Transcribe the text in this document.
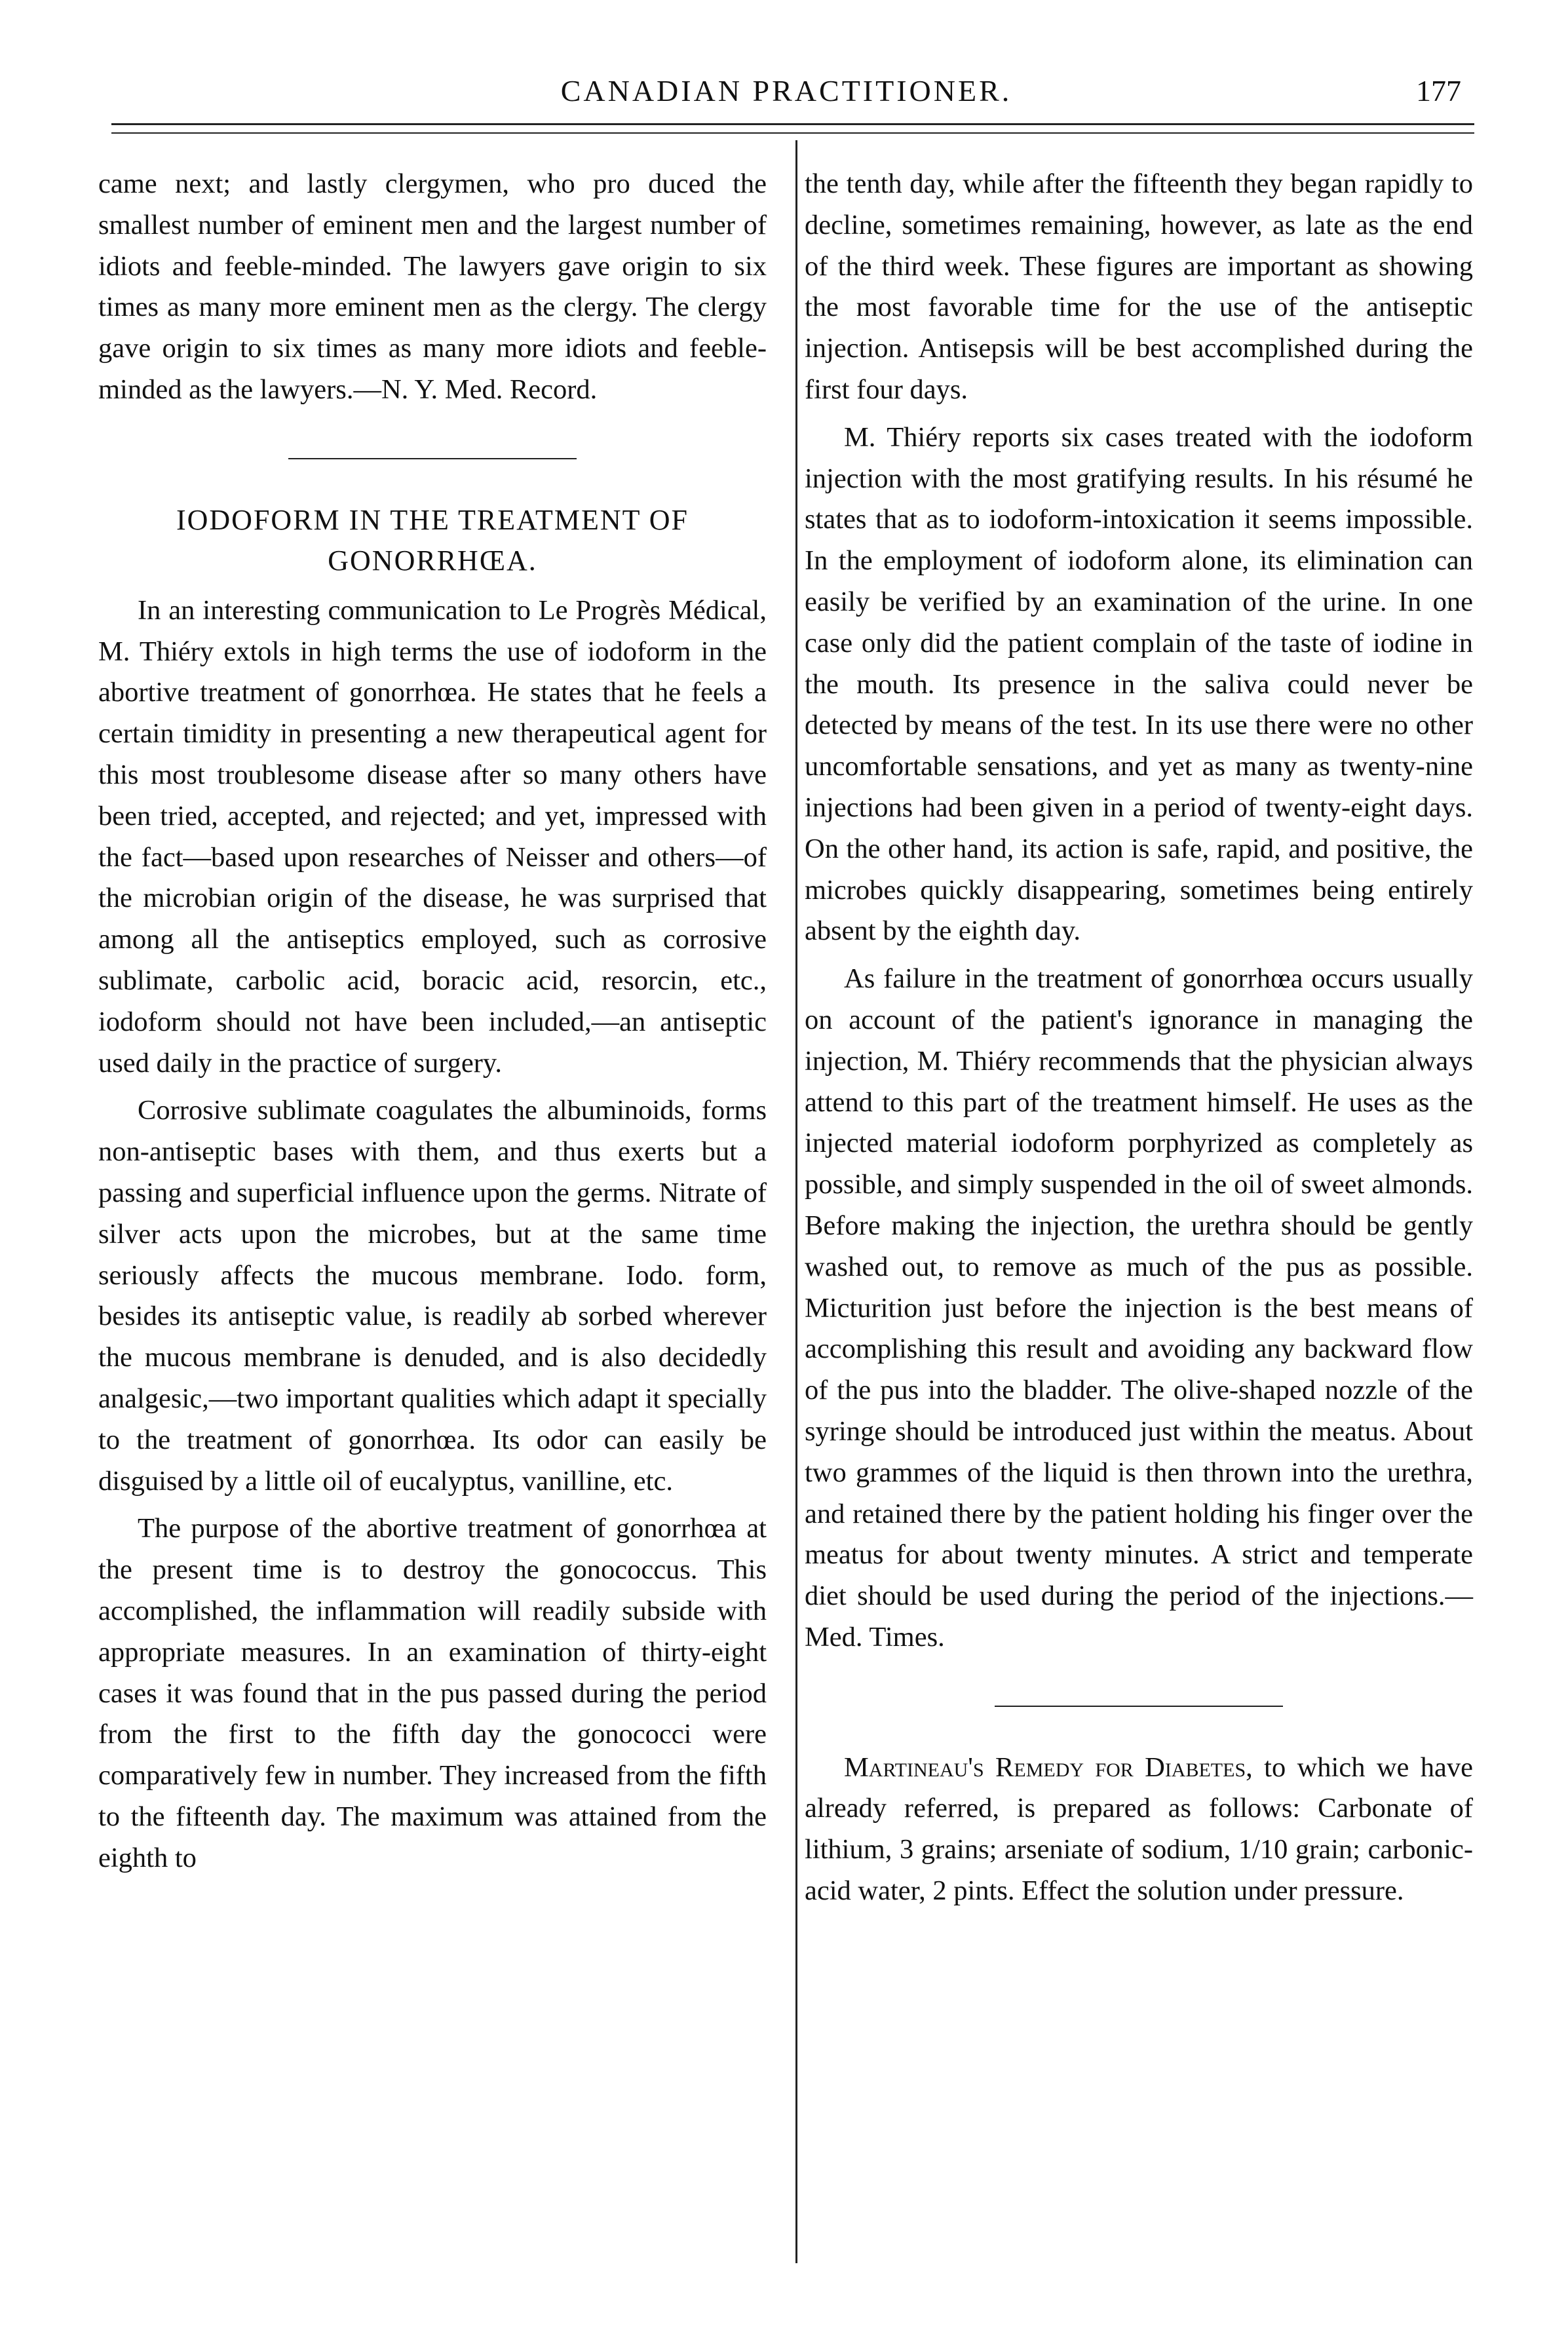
CANADIAN PRACTITIONER.	177

came next; and lastly clergymen, who pro duced the smallest number of eminent men and the largest number of idiots and feeble-minded. The lawyers gave origin to six times as many more eminent men as the clergy. The clergy gave origin to six times as many more idiots and feeble-minded as the lawyers.—N. Y. Med. Record.

IODOFORM IN THE TREATMENT OF
GONORRHŒA.

In an interesting communication to Le Progrès Médical, M. Thiéry extols in high terms the use of iodoform in the abortive treatment of gonorrhœa. He states that he feels a certain timidity in presenting a new therapeutical agent for this most troublesome disease after so many others have been tried, accepted, and rejected; and yet, impressed with the fact—based upon researches of Neisser and others—of the microbian origin of the disease, he was surprised that among all the antiseptics employed, such as corrosive sublimate, carbolic acid, boracic acid, resorcin, etc., iodoform should not have been included,—an antiseptic used daily in the practice of surgery.

Corrosive sublimate coagulates the albuminoids, forms non-antiseptic bases with them, and thus exerts but a passing and superficial influence upon the germs. Nitrate of silver acts upon the microbes, but at the same time seriously affects the mucous membrane. Iodo. form, besides its antiseptic value, is readily ab sorbed wherever the mucous membrane is denuded, and is also decidedly analgesic,—two important qualities which adapt it specially to the treatment of gonorrhœa. Its odor can easily be disguised by a little oil of eucalyptus, vanilline, etc.

The purpose of the abortive treatment of gonorrhœa at the present time is to destroy the gonococcus. This accomplished, the inflammation will readily subside with appropriate measures. In an examination of thirty-eight cases it was found that in the pus passed during the period from the first to the fifth day the gonococci were comparatively few in number. They increased from the fifth to the fifteenth day. The maximum was attained from the eighth to

the tenth day, while after the fifteenth they began rapidly to decline, sometimes remaining, however, as late as the end of the third week. These figures are important as showing the most favorable time for the use of the antiseptic injection. Antisepsis will be best accomplished during the first four days.

M. Thiéry reports six cases treated with the iodoform injection with the most gratifying results. In his résumé he states that as to iodoform-intoxication it seems impossible. In the employment of iodoform alone, its elimination can easily be verified by an examination of the urine. In one case only did the patient complain of the taste of iodine in the mouth. Its presence in the saliva could never be detected by means of the test. In its use there were no other uncomfortable sensations, and yet as many as twenty-nine injections had been given in a period of twenty-eight days. On the other hand, its action is safe, rapid, and positive, the microbes quickly disappearing, sometimes being entirely absent by the eighth day.

As failure in the treatment of gonorrhœa occurs usually on account of the patient's ignorance in managing the injection, M. Thiéry recommends that the physician always attend to this part of the treatment himself. He uses as the injected material iodoform porphyrized as completely as possible, and simply suspended in the oil of sweet almonds. Before making the injection, the urethra should be gently washed out, to remove as much of the pus as possible. Micturition just before the injection is the best means of accomplishing this result and avoiding any backward flow of the pus into the bladder. The olive-shaped nozzle of the syringe should be introduced just within the meatus. About two grammes of the liquid is then thrown into the urethra, and retained there by the patient holding his finger over the meatus for about twenty minutes. A strict and temperate diet should be used during the period of the injections.—Med. Times.

Martineau's Remedy for Diabetes, to which we have already referred, is prepared as follows: Carbonate of lithium, 3 grains; arseniate of sodium, 1/10 grain; carbonic-acid water, 2 pints. Effect the solution under pressure.
